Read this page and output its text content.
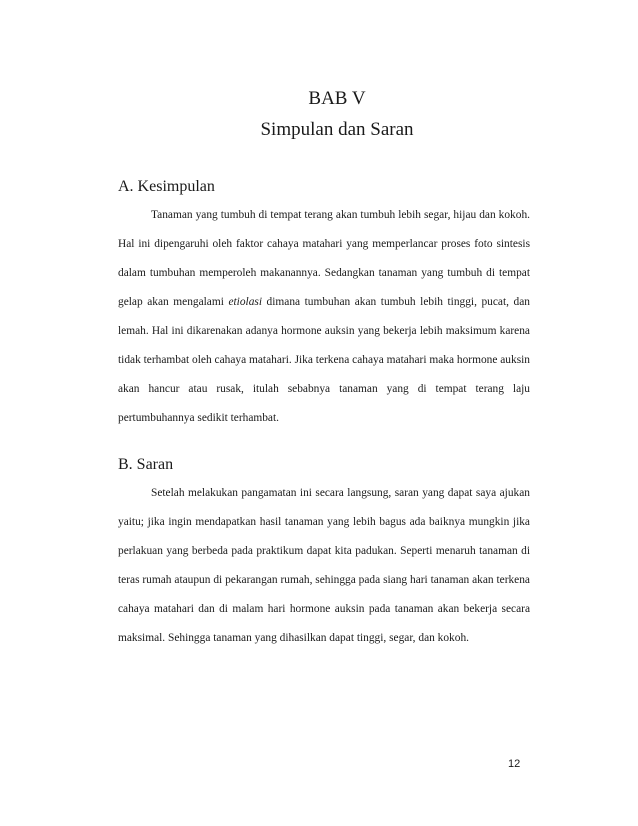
BAB V
Simpulan dan Saran
A. Kesimpulan

Tanaman yang tumbuh di tempat terang akan tumbuh lebih segar, hijau dan kokoh. Hal ini dipengaruhi oleh faktor cahaya matahari yang memperlancar proses foto sintesis dalam tumbuhan memperoleh makanannya. Sedangkan tanaman yang tumbuh di tempat gelap akan mengalami etiolasi dimana tumbuhan akan tumbuh lebih tinggi, pucat, dan lemah. Hal ini dikarenakan adanya hormone auksin yang bekerja lebih maksimum karena tidak terhambat oleh cahaya matahari. Jika terkena cahaya matahari maka hormone auksin akan hancur atau rusak, itulah sebabnya tanaman yang di tempat terang laju pertumbuhannya sedikit terhambat.

B. Saran

Setelah melakukan pangamatan ini secara langsung, saran yang dapat saya ajukan yaitu; jika ingin mendapatkan hasil tanaman yang lebih bagus ada baiknya mungkin jika perlakuan yang berbeda pada praktikum dapat kita padukan. Seperti menaruh tanaman di teras rumah ataupun di pekarangan rumah, sehingga pada siang hari tanaman akan terkena cahaya matahari dan di malam hari hormone auksin pada tanaman akan bekerja secara maksimal. Sehingga tanaman yang dihasilkan dapat tinggi, segar, dan kokoh.

12
